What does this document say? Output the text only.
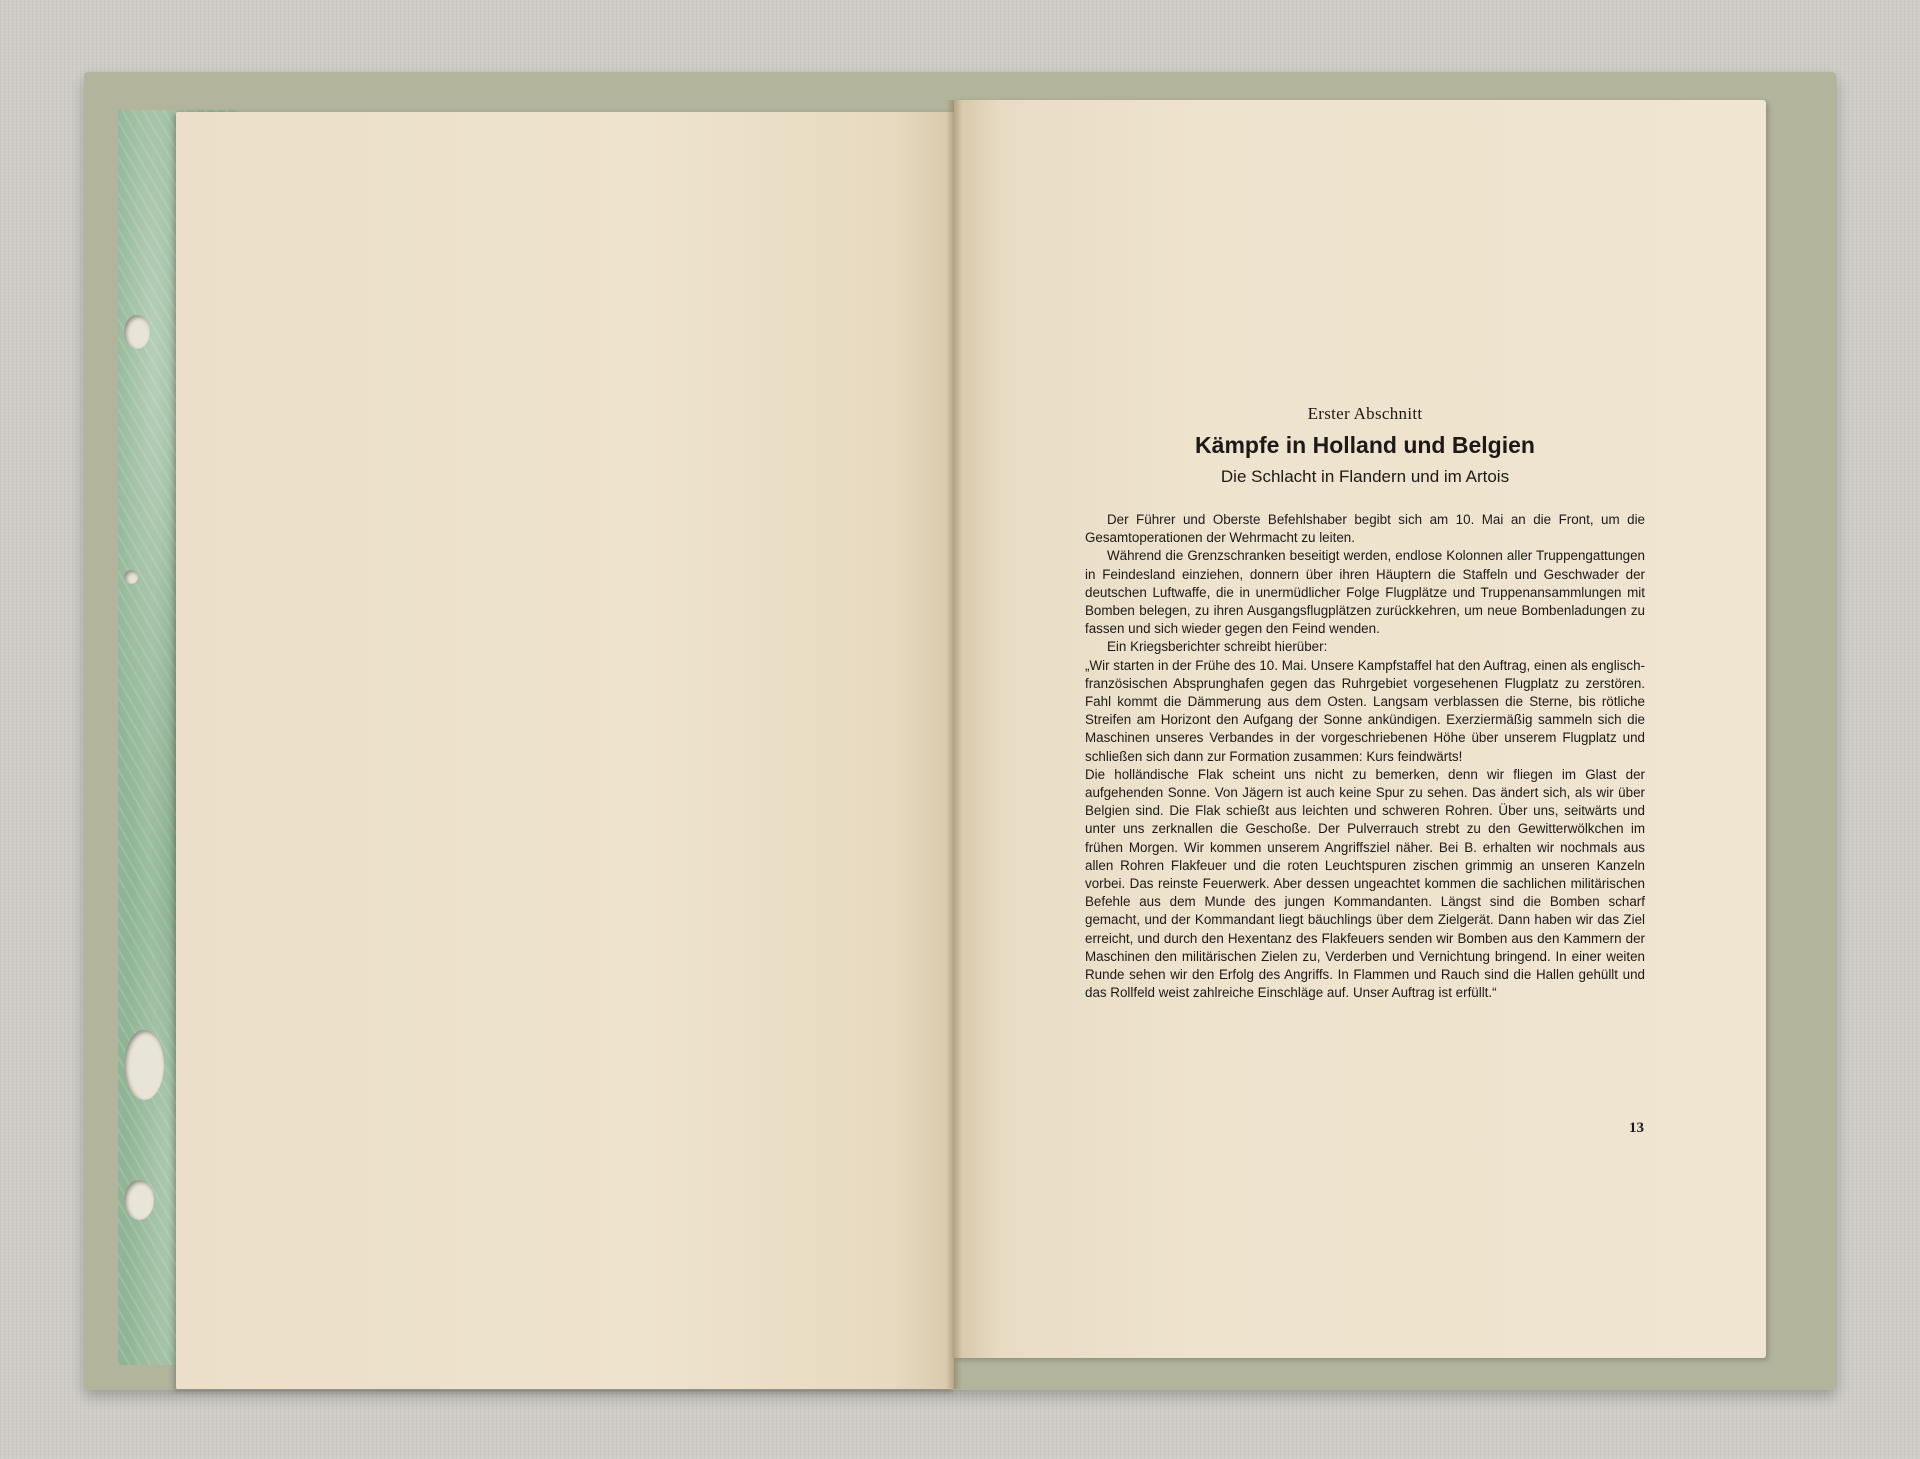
Erster Abschnitt
Kämpfe in Holland und Belgien
Die Schlacht in Flandern und im Artois

Der Führer und Oberste Befehlshaber begibt sich am 10. Mai an die Front, um die Gesamtoperationen der Wehrmacht zu leiten.

Während die Grenzschranken beseitigt werden, endlose Kolonnen aller Truppengattungen in Feindesland einziehen, donnern über ihren Häuptern die Staffeln und Geschwader der deutschen Luftwaffe, die in unermüdlicher Folge Flugplätze und Truppenansammlungen mit Bomben belegen, zu ihren Ausgangsflugplätzen zurückkehren, um neue Bombenladungen zu fassen und sich wieder gegen den Feind wenden.

Ein Kriegsberichter schreibt hierüber:

„Wir starten in der Frühe des 10. Mai. Unsere Kampfstaffel hat den Auftrag, einen als englisch-französischen Absprunghafen gegen das Ruhrgebiet vorgesehenen Flugplatz zu zerstören. Fahl kommt die Dämmerung aus dem Osten. Langsam verblassen die Sterne, bis rötliche Streifen am Horizont den Aufgang der Sonne ankündigen. Exerziermäßig sammeln sich die Maschinen unseres Verbandes in der vorgeschriebenen Höhe über unserem Flugplatz und schließen sich dann zur Formation zusammen: Kurs feindwärts!

Die holländische Flak scheint uns nicht zu bemerken, denn wir fliegen im Glast der aufgehenden Sonne. Von Jägern ist auch keine Spur zu sehen. Das ändert sich, als wir über Belgien sind. Die Flak schießt aus leichten und schweren Rohren. Über uns, seitwärts und unter uns zerknallen die Geschoße. Der Pulverrauch strebt zu den Gewitterwölkchen im frühen Morgen. Wir kommen unserem Angriffsziel näher. Bei B. erhalten wir nochmals aus allen Rohren Flakfeuer und die roten Leuchtspuren zischen grimmig an unseren Kanzeln vorbei. Das reinste Feuerwerk. Aber dessen ungeachtet kommen die sachlichen militärischen Befehle aus dem Munde des jungen Kommandanten. Längst sind die Bomben scharf gemacht, und der Kommandant liegt bäuchlings über dem Zielgerät. Dann haben wir das Ziel erreicht, und durch den Hexentanz des Flakfeuers senden wir Bomben aus den Kammern der Maschinen den militärischen Zielen zu, Verderben und Vernichtung bringend. In einer weiten Runde sehen wir den Erfolg des Angriffs. In Flammen und Rauch sind die Hallen gehüllt und das Rollfeld weist zahlreiche Einschläge auf. Unser Auftrag ist erfüllt.“

13
